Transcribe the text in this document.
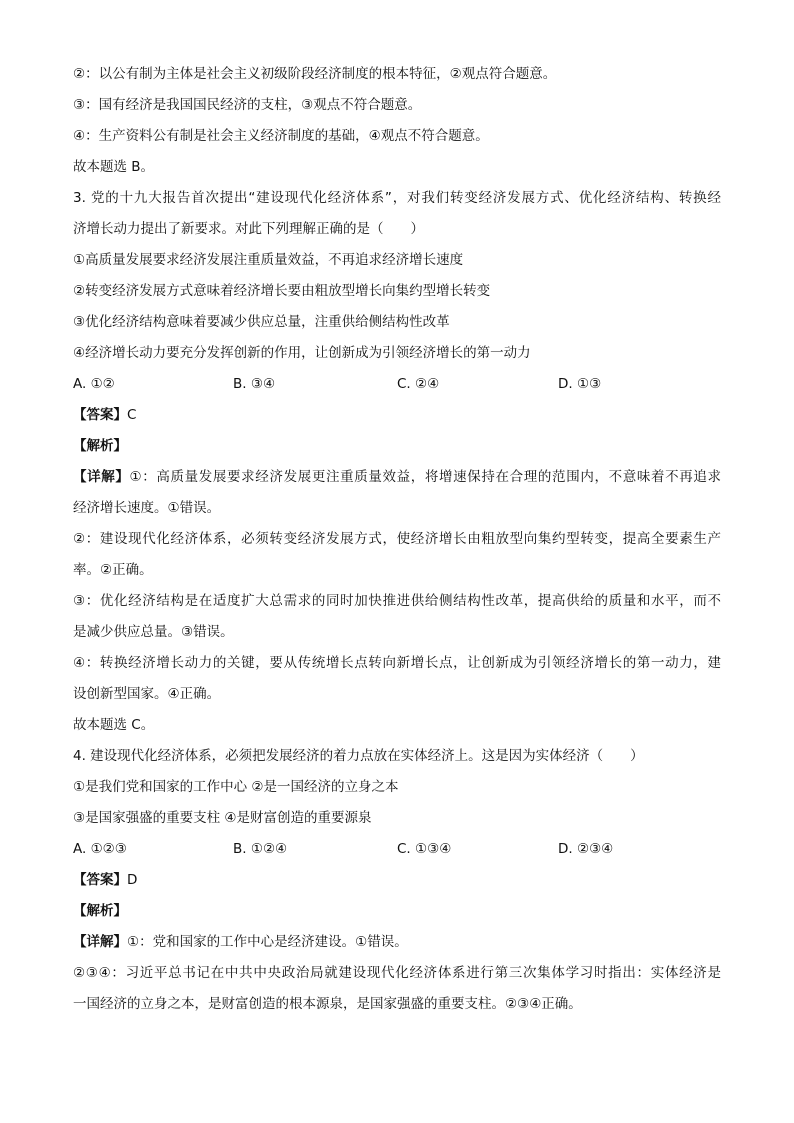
②：以公有制为主体是社会主义初级阶段经济制度的根本特征，②观点符合题意。
③：国有经济是我国国民经济的支柱，③观点不符合题意。
④：生产资料公有制是社会主义经济制度的基础，④观点不符合题意。
故本题选 B。
3. 党的十九大报告首次提出“建设现代化经济体系”，对我们转变经济发展方式、优化经济结构、转换经
济增长动力提出了新要求。对此下列理解正确的是（　　）
①高质量发展要求经济发展注重质量效益，不再追求经济增长速度
②转变经济发展方式意味着经济增长要由粗放型增长向集约型增长转变
③优化经济结构意味着要减少供应总量，注重供给侧结构性改革
④经济增长动力要充分发挥创新的作用，让创新成为引领经济增长的第一动力
A. ①②	B. ③④	C. ②④	D. ①③
【答案】C
【解析】
【详解】①：高质量发展要求经济发展更注重质量效益，将增速保持在合理的范围内，不意味着不再追求
经济增长速度。①错误。
②：建设现代化经济体系，必须转变经济发展方式，使经济增长由粗放型向集约型转变，提高全要素生产
率。②正确。
③：优化经济结构是在适度扩大总需求的同时加快推进供给侧结构性改革，提高供给的质量和水平，而不
是减少供应总量。③错误。
④：转换经济增长动力的关键，要从传统增长点转向新增长点，让创新成为引领经济增长的第一动力，建
设创新型国家。④正确。
故本题选 C。
4. 建设现代化经济体系，必须把发展经济的着力点放在实体经济上。这是因为实体经济（　　）
①是我们党和国家的工作中心 ②是一国经济的立身之本
③是国家强盛的重要支柱 ④是财富创造的重要源泉
A. ①②③	B. ①②④	C. ①③④	D. ②③④
【答案】D
【解析】
【详解】①：党和国家的工作中心是经济建设。①错误。
②③④：习近平总书记在中共中央政治局就建设现代化经济体系进行第三次集体学习时指出：实体经济是
一国经济的立身之本，是财富创造的根本源泉，是国家强盛的重要支柱。②③④正确。
